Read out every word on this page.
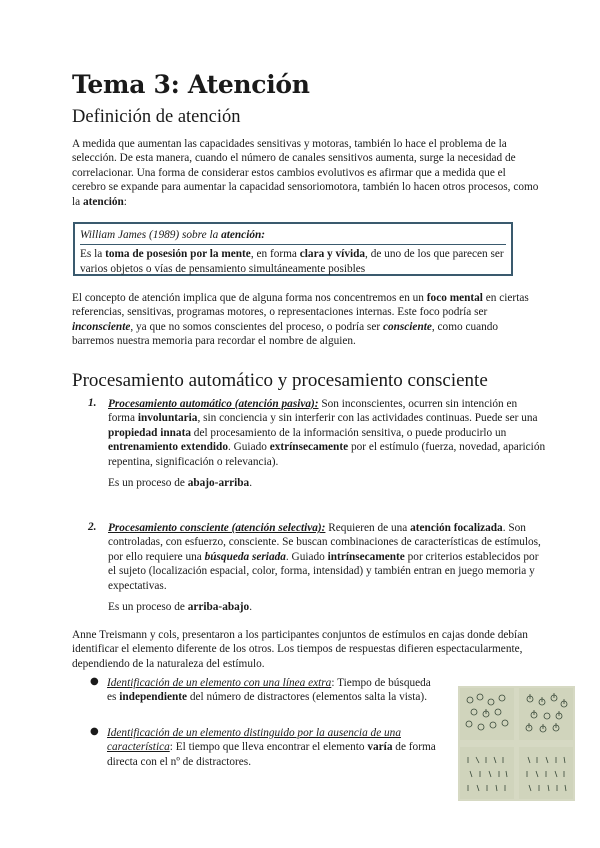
Tema 3: Atención
Definición de atención

A medida que aumentan las capacidades sensitivas y motoras, también lo hace el problema de la selección. De esta manera, cuando el número de canales sensitivos aumenta, surge la necesidad de correlacionar. Una forma de considerar estos cambios evolutivos es afirmar que a medida que el cerebro se expande para aumentar la capacidad sensoriomotora, también lo hacen otros procesos, como la atención:

William James (1989) sobre la atención:
Es la toma de posesión por la mente, en forma clara y vívida, de uno de los que parecen ser varios objetos o vías de pensamiento simultáneamente posibles

El concepto de atención implica que de alguna forma nos concentremos en un foco mental en ciertas referencias, sensitivas, programas motores, o representaciones internas. Este foco podría ser inconsciente, ya que no somos conscientes del proceso, o podría ser consciente, como cuando barremos nuestra memoria para recordar el nombre de alguien.

Procesamiento automático y procesamiento consciente
1. Procesamiento automático (atención pasiva): Son inconscientes, ocurren sin intención en forma involuntaria, sin conciencia y sin interferir con las actividades continuas. Puede ser una propiedad innata del procesamiento de la información sensitiva, o puede producirlo un entrenamiento extendido. Guiado extrínsecamente por el estímulo (fuerza, novedad, aparición repentina, significación o relevancia).

Es un proceso de abajo-arriba.

2. Procesamiento consciente (atención selectiva): Requieren de una atención focalizada. Son controladas, con esfuerzo, consciente. Se buscan combinaciones de características de estímulos, por ello requiere una búsqueda seriada. Guiado intrínsecamente por criterios establecidos por el sujeto (localización espacial, color, forma, intensidad) y también entran en juego memoria y expectativas.

Es un proceso de arriba-abajo.

Anne Treismann y cols, presentaron a los participantes conjuntos de estímulos en cajas donde debían identificar el elemento diferente de los otros. Los tiempos de respuestas difieren espectacularmente, dependiendo de la naturaleza del estímulo.

● Identificación de un elemento con una línea extra: Tiempo de búsqueda es independiente del número de distractores (elementos salta la vista).

● Identificación de un elemento distinguido por la ausencia de una característica: El tiempo que lleva encontrar el elemento varía de forma directa con el nº de distractores.
